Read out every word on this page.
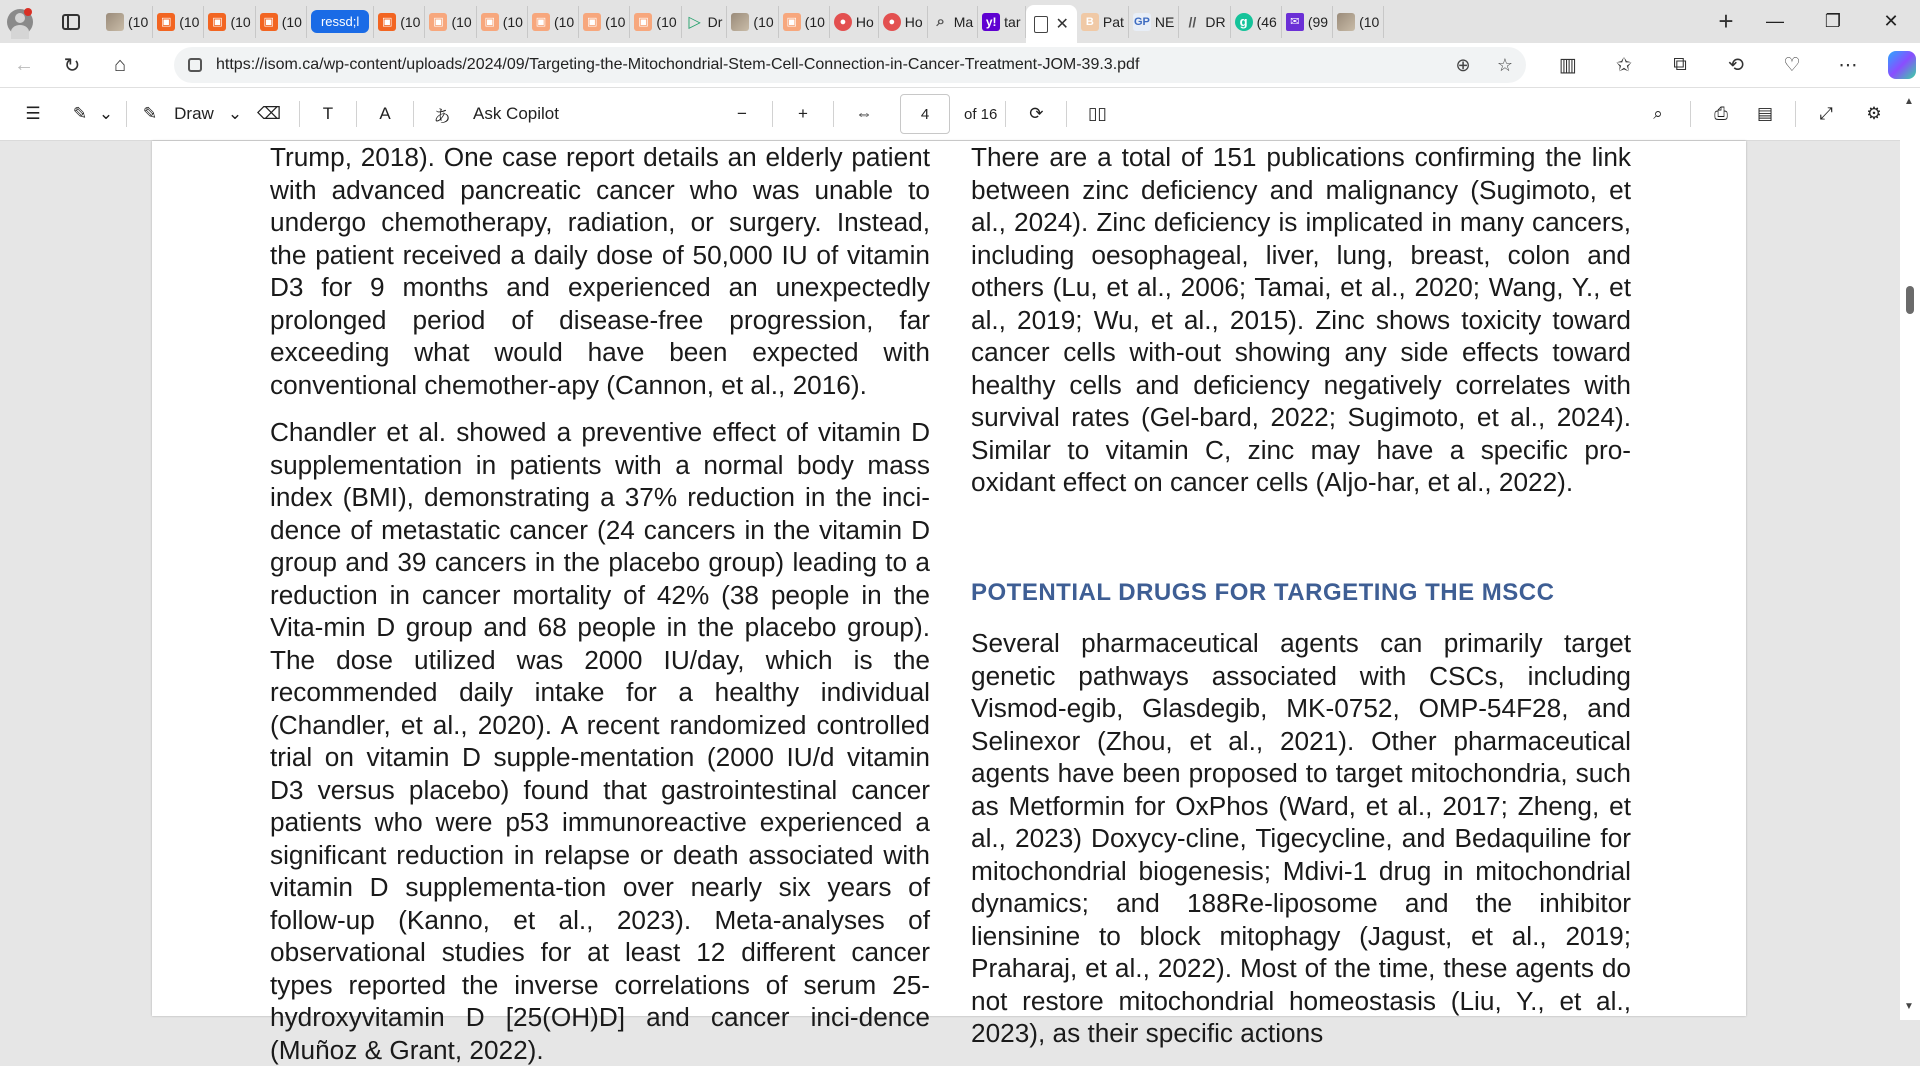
(10	▣ (10	▣ (10	▣ (10	ressd;l	▣ (10	▣ (10	▣ (10	▣ (10	▣ (10	▣ (10 ▷ Dr (10	▣ (10	● Ho	● Ho ⌕ Ma	y! tar ✕	B Pat GP NE	// DR	g (46	✉ (99 (10	+	—	❐	✕
←	↻	⌂	https://isom.ca/wp-content/uploads/2024/09/Targeting-the-Mitochondrial-Stem-Cell-Connection-in-Cancer-Treatment-JOM-39.3.pdf	⊕	☆	▥	✩	⧉	⟲	♡	⋯
☰	✎ ⌄	✎	Draw ⌄ ⌫	T	A	あ	Ask Copilot	−	+	⇔	4	of 16	⟳	▯▯	⌕	⎙	▤	⤢	⚙

Trump, 2018). One case report details an elderly patient with advanced pancreatic cancer who was unable to undergo chemotherapy, radiation, or surgery. Instead, the patient received a daily dose of 50,000 IU of vitamin D3 for 9 months and experienced an unexpectedly prolonged period of disease-free progression, far exceeding what would have been expected with conventional chemother-apy (Cannon, et al., 2016).

Chandler et al. showed a preventive effect of vitamin D supplementation in patients with a normal body mass index (BMI), demonstrating a 37% reduction in the inci-dence of metastatic cancer (24 cancers in the vitamin D group and 39 cancers in the placebo group) leading to a reduction in cancer mortality of 42% (38 people in the Vita-min D group and 68 people in the placebo group). The dose utilized was 2000 IU/day, which is the recommended daily intake for a healthy individual (Chandler, et al., 2020). A recent randomized controlled trial on vitamin D supple-mentation (2000 IU/d vitamin D3 versus placebo) found that gastrointestinal cancer patients who were p53 immunoreactive experienced a significant reduction in relapse or death associated with vitamin D supplementa-tion over nearly six years of follow-up (Kanno, et al., 2023). Meta-analyses of observational studies for at least 12 different cancer types reported the inverse correlations of serum 25-hydroxyvitamin D [25(OH)D] and cancer inci-dence (Muñoz & Grant, 2022).

There are a total of 151 publications confirming the link between zinc deficiency and malignancy (Sugimoto, et al., 2024). Zinc deficiency is implicated in many cancers, including oesophageal, liver, lung, breast, colon and others (Lu, et al., 2006; Tamai, et al., 2020; Wang, Y., et al., 2019; Wu, et al., 2015). Zinc shows toxicity toward cancer cells with-out showing any side effects toward healthy cells and deficiency negatively correlates with survival rates (Gel-bard, 2022; Sugimoto, et al., 2024). Similar to vitamin C, zinc may have a specific pro-oxidant effect on cancer cells (Aljo-har, et al., 2022).

POTENTIAL DRUGS FOR TARGETING THE MSCC

Several pharmaceutical agents can primarily target genetic pathways associated with CSCs, including Vismod-egib, Glasdegib, MK-0752, OMP-54F28, and Selinexor (Zhou, et al., 2021). Other pharmaceutical agents have been proposed to target mitochondria, such as Metformin for OxPhos (Ward, et al., 2017; Zheng, et al., 2023) Doxycy-cline, Tigecycline, and Bedaquiline for mitochondrial biogenesis; Mdivi-1 drug in mitochondrial dynamics; and 188Re-liposome and the inhibitor liensinine to block mitophagy (Jagust, et al., 2019; Praharaj, et al., 2022). Most of the time, these agents do not restore mitochondrial homeostasis (Liu, Y., et al., 2023), as their specific actions

▲
▼
